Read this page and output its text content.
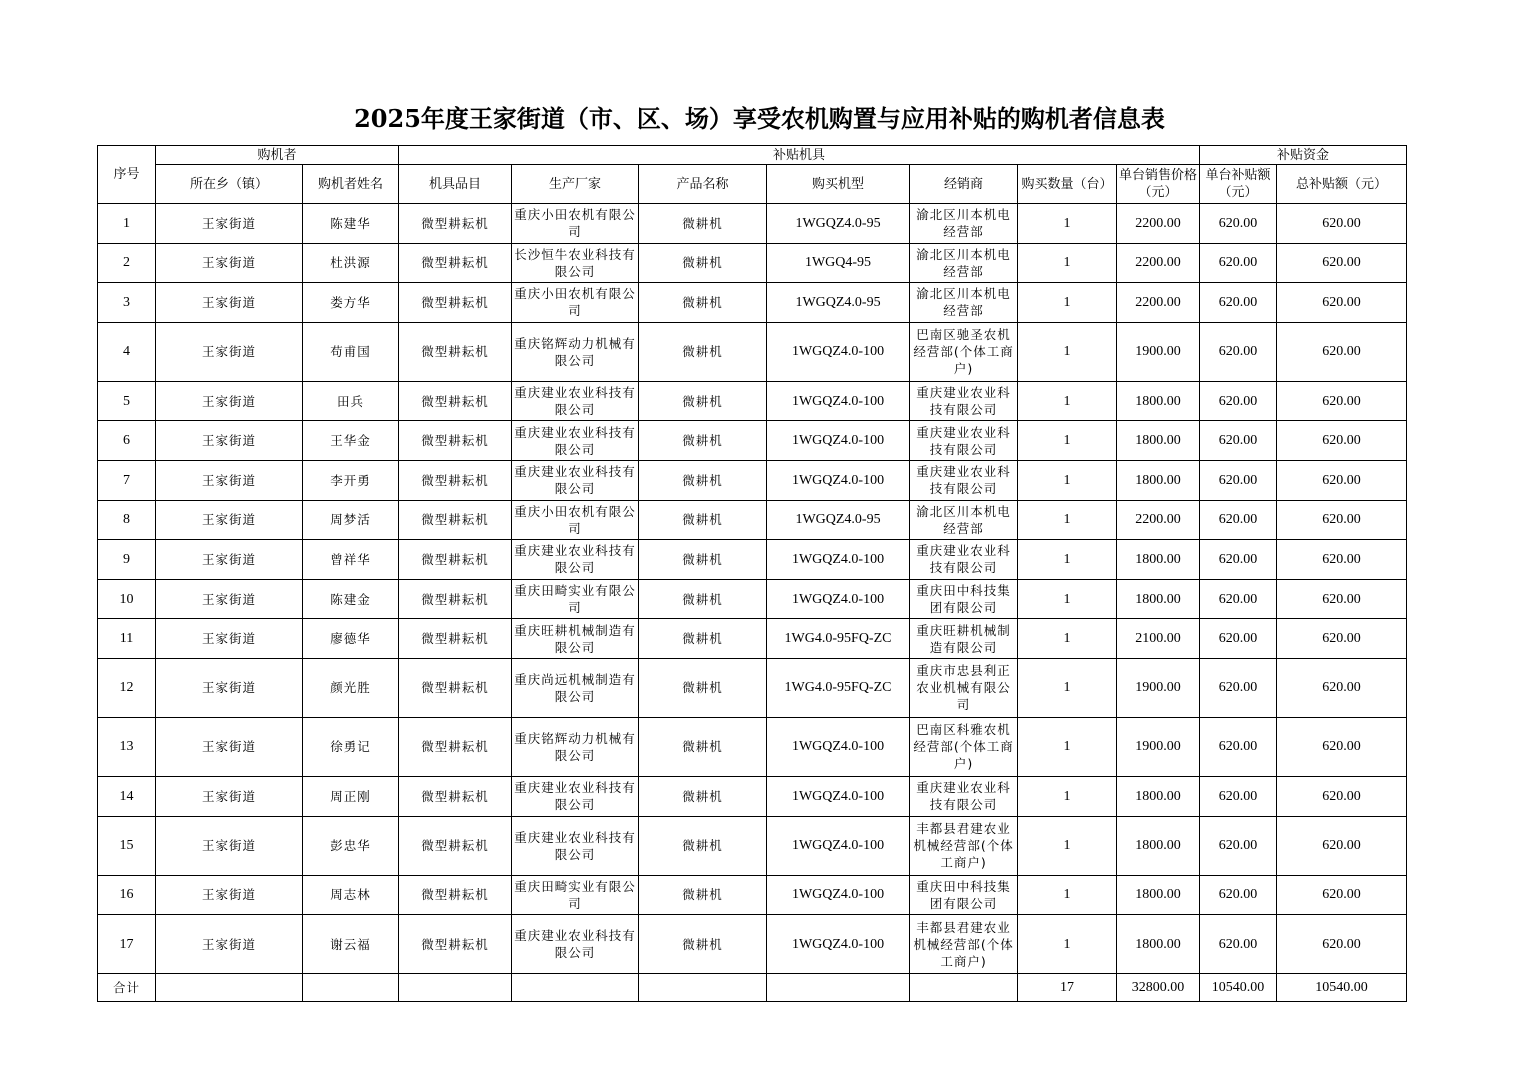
2025年度王家街道（市、区、场）享受农机购置与应用补贴的购机者信息表
序号	购机者		补贴机具							补贴资金	
	所在乡（镇）	购机者姓名	机具品目	生产厂家	产品名称	购买机型	经销商	购买数量（台）	单台销售价格（元）	单台补贴额（元）	总补贴额（元）
1	王家街道	陈建华	微型耕耘机	重庆小田农机有限公司	微耕机	1WGQZ4.0-95	渝北区川本机电经营部	1	2200.00	620.00	620.00
2	王家街道	杜洪源	微型耕耘机	长沙恒牛农业科技有限公司	微耕机	1WGQ4-95	渝北区川本机电经营部	1	2200.00	620.00	620.00
3	王家街道	娄方华	微型耕耘机	重庆小田农机有限公司	微耕机	1WGQZ4.0-95	渝北区川本机电经营部	1	2200.00	620.00	620.00
4	王家街道	苟甫国	微型耕耘机	重庆铭辉动力机械有限公司	微耕机	1WGQZ4.0-100	巴南区驰圣农机经营部(个体工商户)	1	1900.00	620.00	620.00
5	王家街道	田兵	微型耕耘机	重庆建业农业科技有限公司	微耕机	1WGQZ4.0-100	重庆建业农业科技有限公司	1	1800.00	620.00	620.00
6	王家街道	王华金	微型耕耘机	重庆建业农业科技有限公司	微耕机	1WGQZ4.0-100	重庆建业农业科技有限公司	1	1800.00	620.00	620.00
7	王家街道	李开勇	微型耕耘机	重庆建业农业科技有限公司	微耕机	1WGQZ4.0-100	重庆建业农业科技有限公司	1	1800.00	620.00	620.00
8	王家街道	周梦活	微型耕耘机	重庆小田农机有限公司	微耕机	1WGQZ4.0-95	渝北区川本机电经营部	1	2200.00	620.00	620.00
9	王家街道	曾祥华	微型耕耘机	重庆建业农业科技有限公司	微耕机	1WGQZ4.0-100	重庆建业农业科技有限公司	1	1800.00	620.00	620.00
10	王家街道	陈建金	微型耕耘机	重庆田畸实业有限公司	微耕机	1WGQZ4.0-100	重庆田中科技集团有限公司	1	1800.00	620.00	620.00
11	王家街道	廖德华	微型耕耘机	重庆旺耕机械制造有限公司	微耕机	1WG4.0-95FQ-ZC	重庆旺耕机械制造有限公司	1	2100.00	620.00	620.00
12	王家街道	颜光胜	微型耕耘机	重庆尚远机械制造有限公司	微耕机	1WG4.0-95FQ-ZC	重庆市忠县利正农业机械有限公司	1	1900.00	620.00	620.00
13	王家街道	徐勇记	微型耕耘机	重庆铭辉动力机械有限公司	微耕机	1WGQZ4.0-100	巴南区科雅农机经营部(个体工商户)	1	1900.00	620.00	620.00
14	王家街道	周正刚	微型耕耘机	重庆建业农业科技有限公司	微耕机	1WGQZ4.0-100	重庆建业农业科技有限公司	1	1800.00	620.00	620.00
15	王家街道	彭忠华	微型耕耘机	重庆建业农业科技有限公司	微耕机	1WGQZ4.0-100	丰都县君建农业机械经营部(个体工商户)	1	1800.00	620.00	620.00
16	王家街道	周志林	微型耕耘机	重庆田畸实业有限公司	微耕机	1WGQZ4.0-100	重庆田中科技集团有限公司	1	1800.00	620.00	620.00
17	王家街道	谢云福	微型耕耘机	重庆建业农业科技有限公司	微耕机	1WGQZ4.0-100	丰都县君建农业机械经营部(个体工商户)	1	1800.00	620.00	620.00
合计								17	32800.00	10540.00	10540.00
